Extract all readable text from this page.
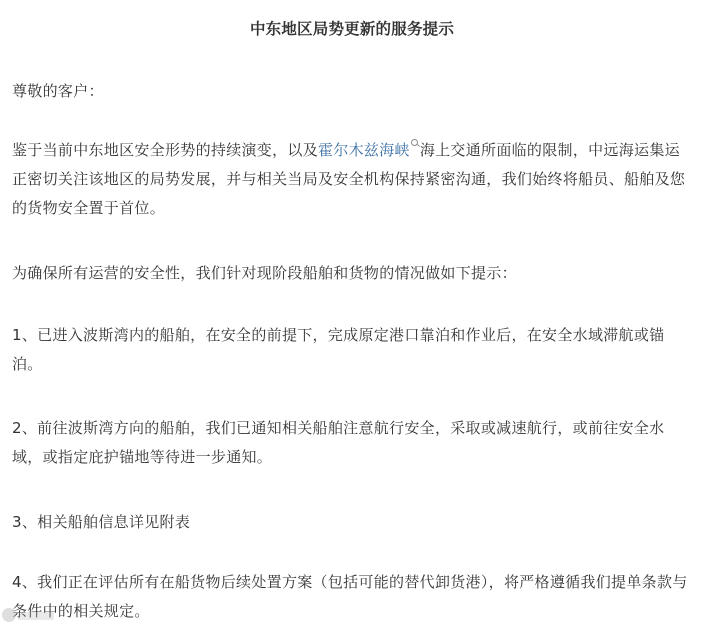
中东地区局势更新的服务提示
尊敬的客户：
鉴于当前中东地区安全形势的持续演变，以及霍尔木兹海峡 海上交通所面临的限制，中远海运集运正密切关注该地区的局势发展，并与相关当局及安全机构保持紧密沟通，我们始终将船员、船舶及您的货物安全置于首位。
为确保所有运营的安全性，我们针对现阶段船舶和货物的情况做如下提示：
1、已进入波斯湾内的船舶，在安全的前提下，完成原定港口靠泊和作业后，在安全水域滞航或锚泊。
2、前往波斯湾方向的船舶，我们已通知相关船舶注意航行安全，采取或减速航行，或前往安全水域，或指定庇护锚地等待进一步通知。
3、相关船舶信息详见附表
4、我们正在评估所有在船货物后续处置方案（包括可能的替代卸货港），将严格遵循我们提单条款与条件中的相关规定。
